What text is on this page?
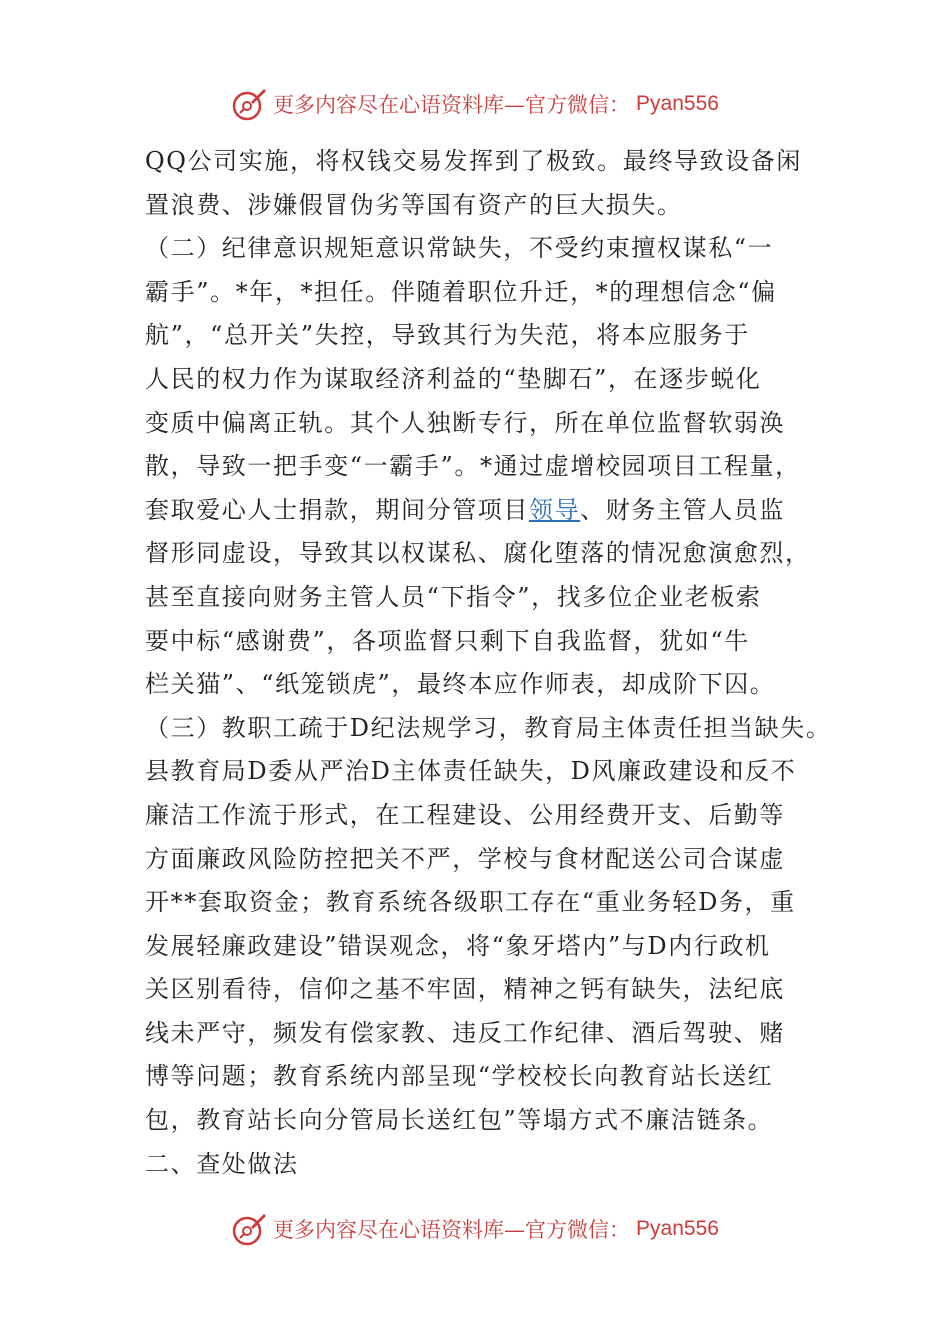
更多内容尽在心语资料库—官方微信： Pyan556
QQ公司实施，将权钱交易发挥到了极致。最终导致设备闲
置浪费、涉嫌假冒伪劣等国有资产的巨大损失。
（二）纪律意识规矩意识常缺失，不受约束擅权谋私“一
霸手”。*年，*担任。伴随着职位升迁，*的理想信念“偏
航”，“总开关”失控，导致其行为失范，将本应服务于
人民的权力作为谋取经济利益的“垫脚石”，在逐步蜕化
变质中偏离正轨。其个人独断专行，所在单位监督软弱涣
散，导致一把手变“一霸手”。*通过虚增校园项目工程量，
套取爱心人士捐款，期间分管项目领导、财务主管人员监
督形同虚设，导致其以权谋私、腐化堕落的情况愈演愈烈，
甚至直接向财务主管人员“下指令”，找多位企业老板索
要中标“感谢费”，各项监督只剩下自我监督，犹如“牛
栏关猫”、“纸笼锁虎”，最终本应作师表，却成阶下囚。
（三）教职工疏于D纪法规学习，教育局主体责任担当缺失。
县教育局D委从严治D主体责任缺失，D风廉政建设和反不
廉洁工作流于形式，在工程建设、公用经费开支、后勤等
方面廉政风险防控把关不严，学校与食材配送公司合谋虚
开**套取资金；教育系统各级职工存在“重业务轻D务，重
发展轻廉政建设”错误观念，将“象牙塔内”与D内行政机
关区别看待，信仰之基不牢固，精神之钙有缺失，法纪底
线未严守，频发有偿家教、违反工作纪律、酒后驾驶、赌
博等问题；教育系统内部呈现“学校校长向教育站长送红
包，教育站长向分管局长送红包”等塌方式不廉洁链条。
二、查处做法
更多内容尽在心语资料库—官方微信： Pyan556
